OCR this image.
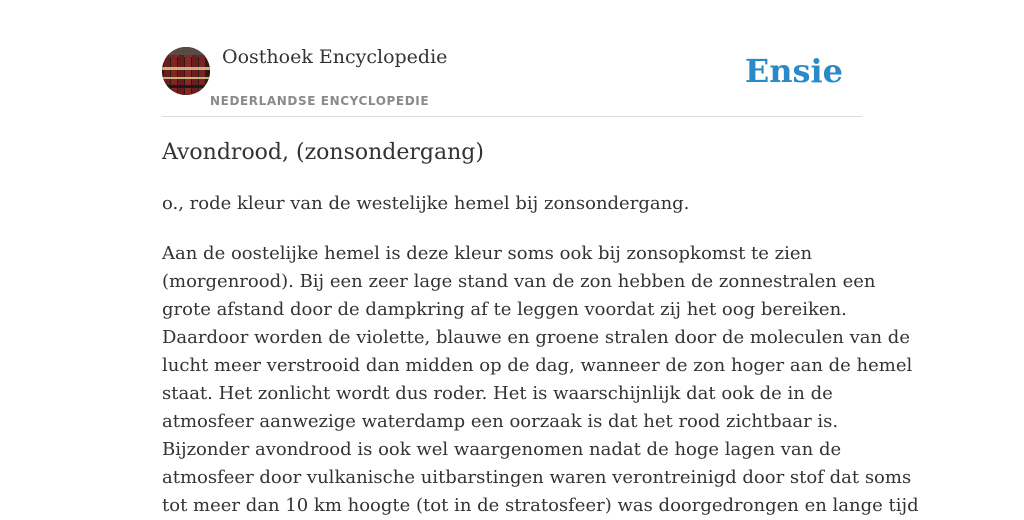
Oosthoek Encyclopedie
NEDERLANDSE ENCYCLOPEDIE
Ensie
Avondrood, (zonsondergang)

o., rode kleur van de westelijke hemel bij zonsondergang.

Aan de oostelijke hemel is deze kleur soms ook bij zonsopkomst te zien
(morgenrood). Bij een zeer lage stand van de zon hebben de zonnestralen een
grote afstand door de dampkring af te leggen voordat zij het oog bereiken.
Daardoor worden de violette, blauwe en groene stralen door de moleculen van de
lucht meer verstrooid dan midden op de dag, wanneer de zon hoger aan de hemel
staat. Het zonlicht wordt dus roder. Het is waarschijnlijk dat ook de in de
atmosfeer aanwezige waterdamp een oorzaak is dat het rood zichtbaar is.
Bijzonder avondrood is ook wel waargenomen nadat de hoge lagen van de
atmosfeer door vulkanische uitbarstingen waren verontreinigd door stof dat soms
tot meer dan 10 km hoogte (tot in de stratosfeer) was doorgedrongen en lange tijd
